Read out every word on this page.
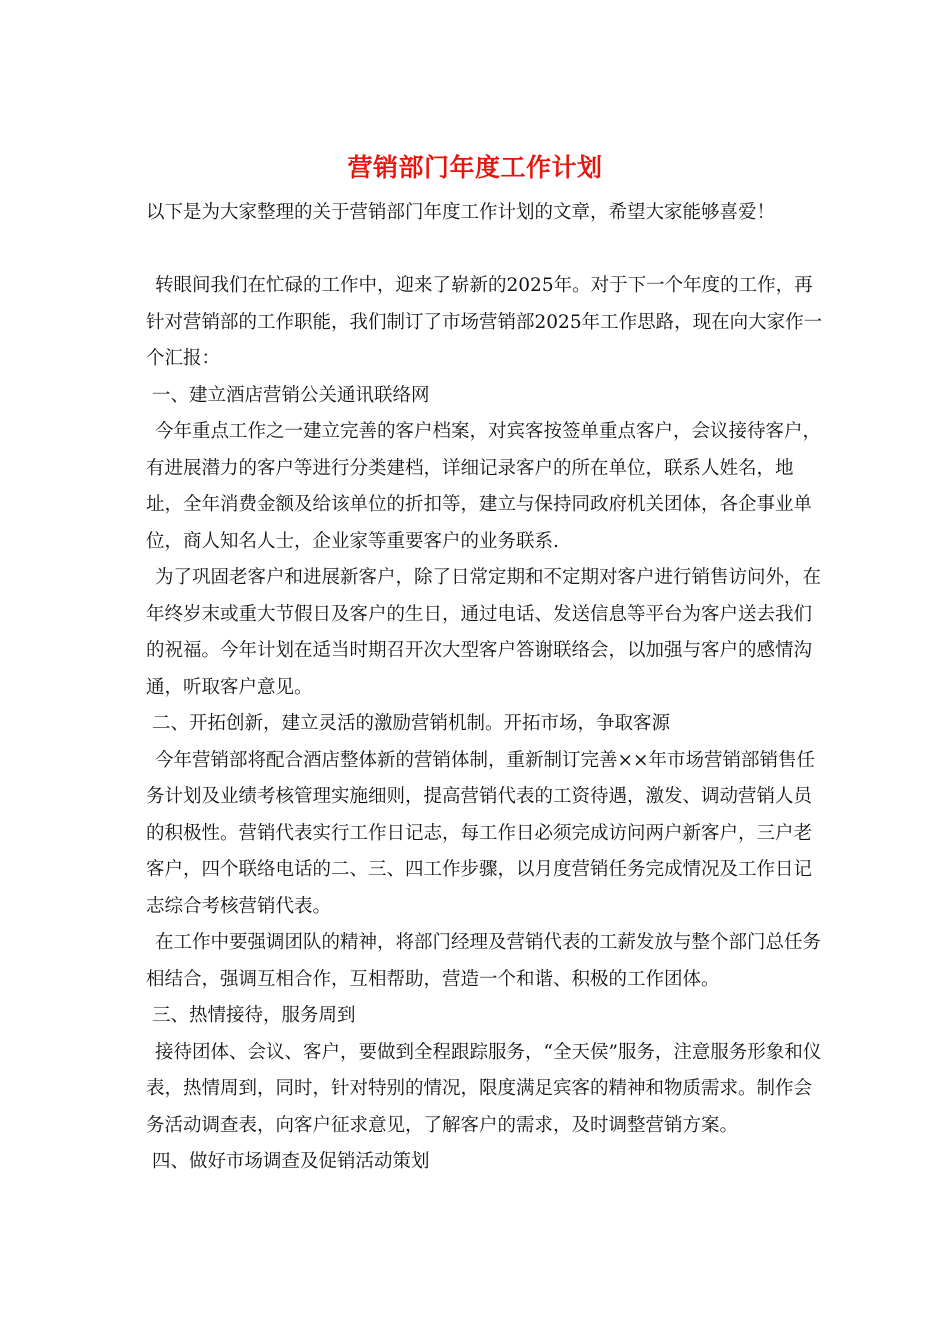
营销部门年度工作计划

以下是为大家整理的关于营销部门年度工作计划的文章，希望大家能够喜爱！

转眼间我们在忙碌的工作中，迎来了崭新的2025年。对于下一个年度的工作，再针对营销部的工作职能，我们制订了市场营销部2025年工作思路，现在向大家作一个汇报：

一、建立酒店营销公关通讯联络网

今年重点工作之一建立完善的客户档案，对宾客按签单重点客户，会议接待客户，有进展潜力的客户等进行分类建档，详细记录客户的所在单位，联系人姓名，地址，全年消费金额及给该单位的折扣等，建立与保持同政府机关团体，各企事业单位，商人知名人士，企业家等重要客户的业务联系.

为了巩固老客户和进展新客户，除了日常定期和不定期对客户进行销售访问外，在年终岁末或重大节假日及客户的生日，通过电话、发送信息等平台为客户送去我们的祝福。今年计划在适当时期召开次大型客户答谢联络会，以加强与客户的感情沟通，听取客户意见。

二、开拓创新，建立灵活的激励营销机制。开拓市场，争取客源

今年营销部将配合酒店整体新的营销体制，重新制订完善××年市场营销部销售任务计划及业绩考核管理实施细则，提高营销代表的工资待遇，激发、调动营销人员的积极性。营销代表实行工作日记志，每工作日必须完成访问两户新客户，三户老客户，四个联络电话的二、三、四工作步骤，以月度营销任务完成情况及工作日记志综合考核营销代表。

在工作中要强调团队的精神，将部门经理及营销代表的工薪发放与整个部门总任务相结合，强调互相合作，互相帮助，营造一个和谐、积极的工作团体。

三、热情接待，服务周到

接待团体、会议、客户，要做到全程跟踪服务，“全天侯”服务，注意服务形象和仪表，热情周到，同时，针对特别的情况，限度满足宾客的精神和物质需求。制作会务活动调查表，向客户征求意见，了解客户的需求，及时调整营销方案。

四、做好市场调查及促销活动策划
